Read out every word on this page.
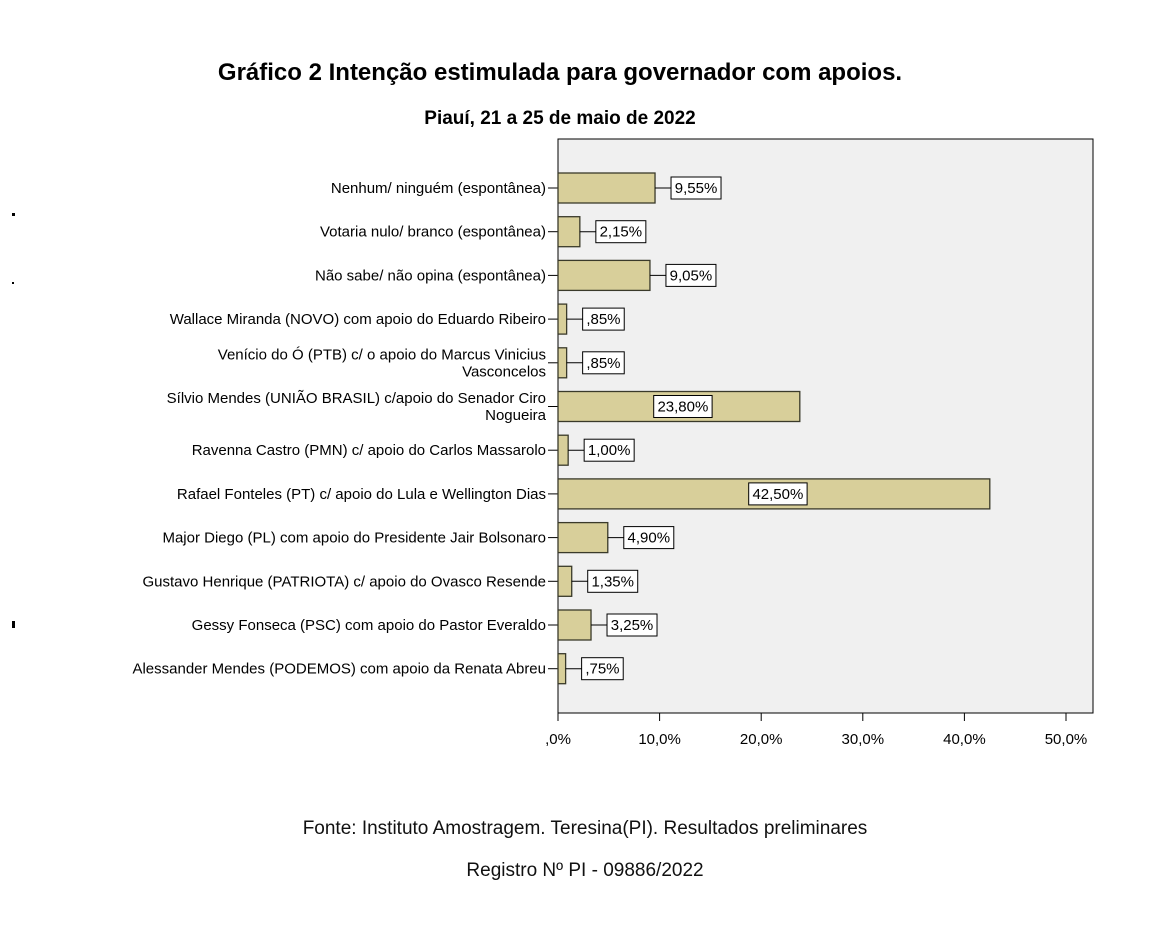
Gráfico 2 Intenção estimulada para governador com apoios.
Piauí, 21 a 25 de maio de 2022
Nenhum/ ninguém (espontânea)	9,55%
Votaria nulo/ branco (espontânea)	2,15%
Não sabe/ não opina (espontânea)	9,05%
Wallace Miranda (NOVO) com apoio do Eduardo Ribeiro	,85%
Venício do Ó (PTB) c/ o apoio do Marcus Vinicius
Vasconcelos	,85%
Sílvio Mendes (UNIÃO BRASIL) c/apoio do Senador Ciro
Nogueira	23,80%
Ravenna Castro (PMN) c/ apoio do Carlos Massarolo	1,00%
Rafael Fonteles (PT) c/ apoio do Lula e Wellington Dias	42,50%
Major Diego (PL) com apoio do Presidente Jair Bolsonaro	4,90%
Gustavo Henrique (PATRIOTA) c/ apoio do Ovasco Resende	1,35%
Gessy Fonseca (PSC) com apoio do Pastor Everaldo	3,25%
Alessander Mendes (PODEMOS) com apoio da Renata Abreu	,75%
,0%	10,0%	20,0%	30,0%	40,0%	50,0%
Fonte: Instituto Amostragem. Teresina(PI). Resultados preliminares
Registro Nº PI - 09886/2022
